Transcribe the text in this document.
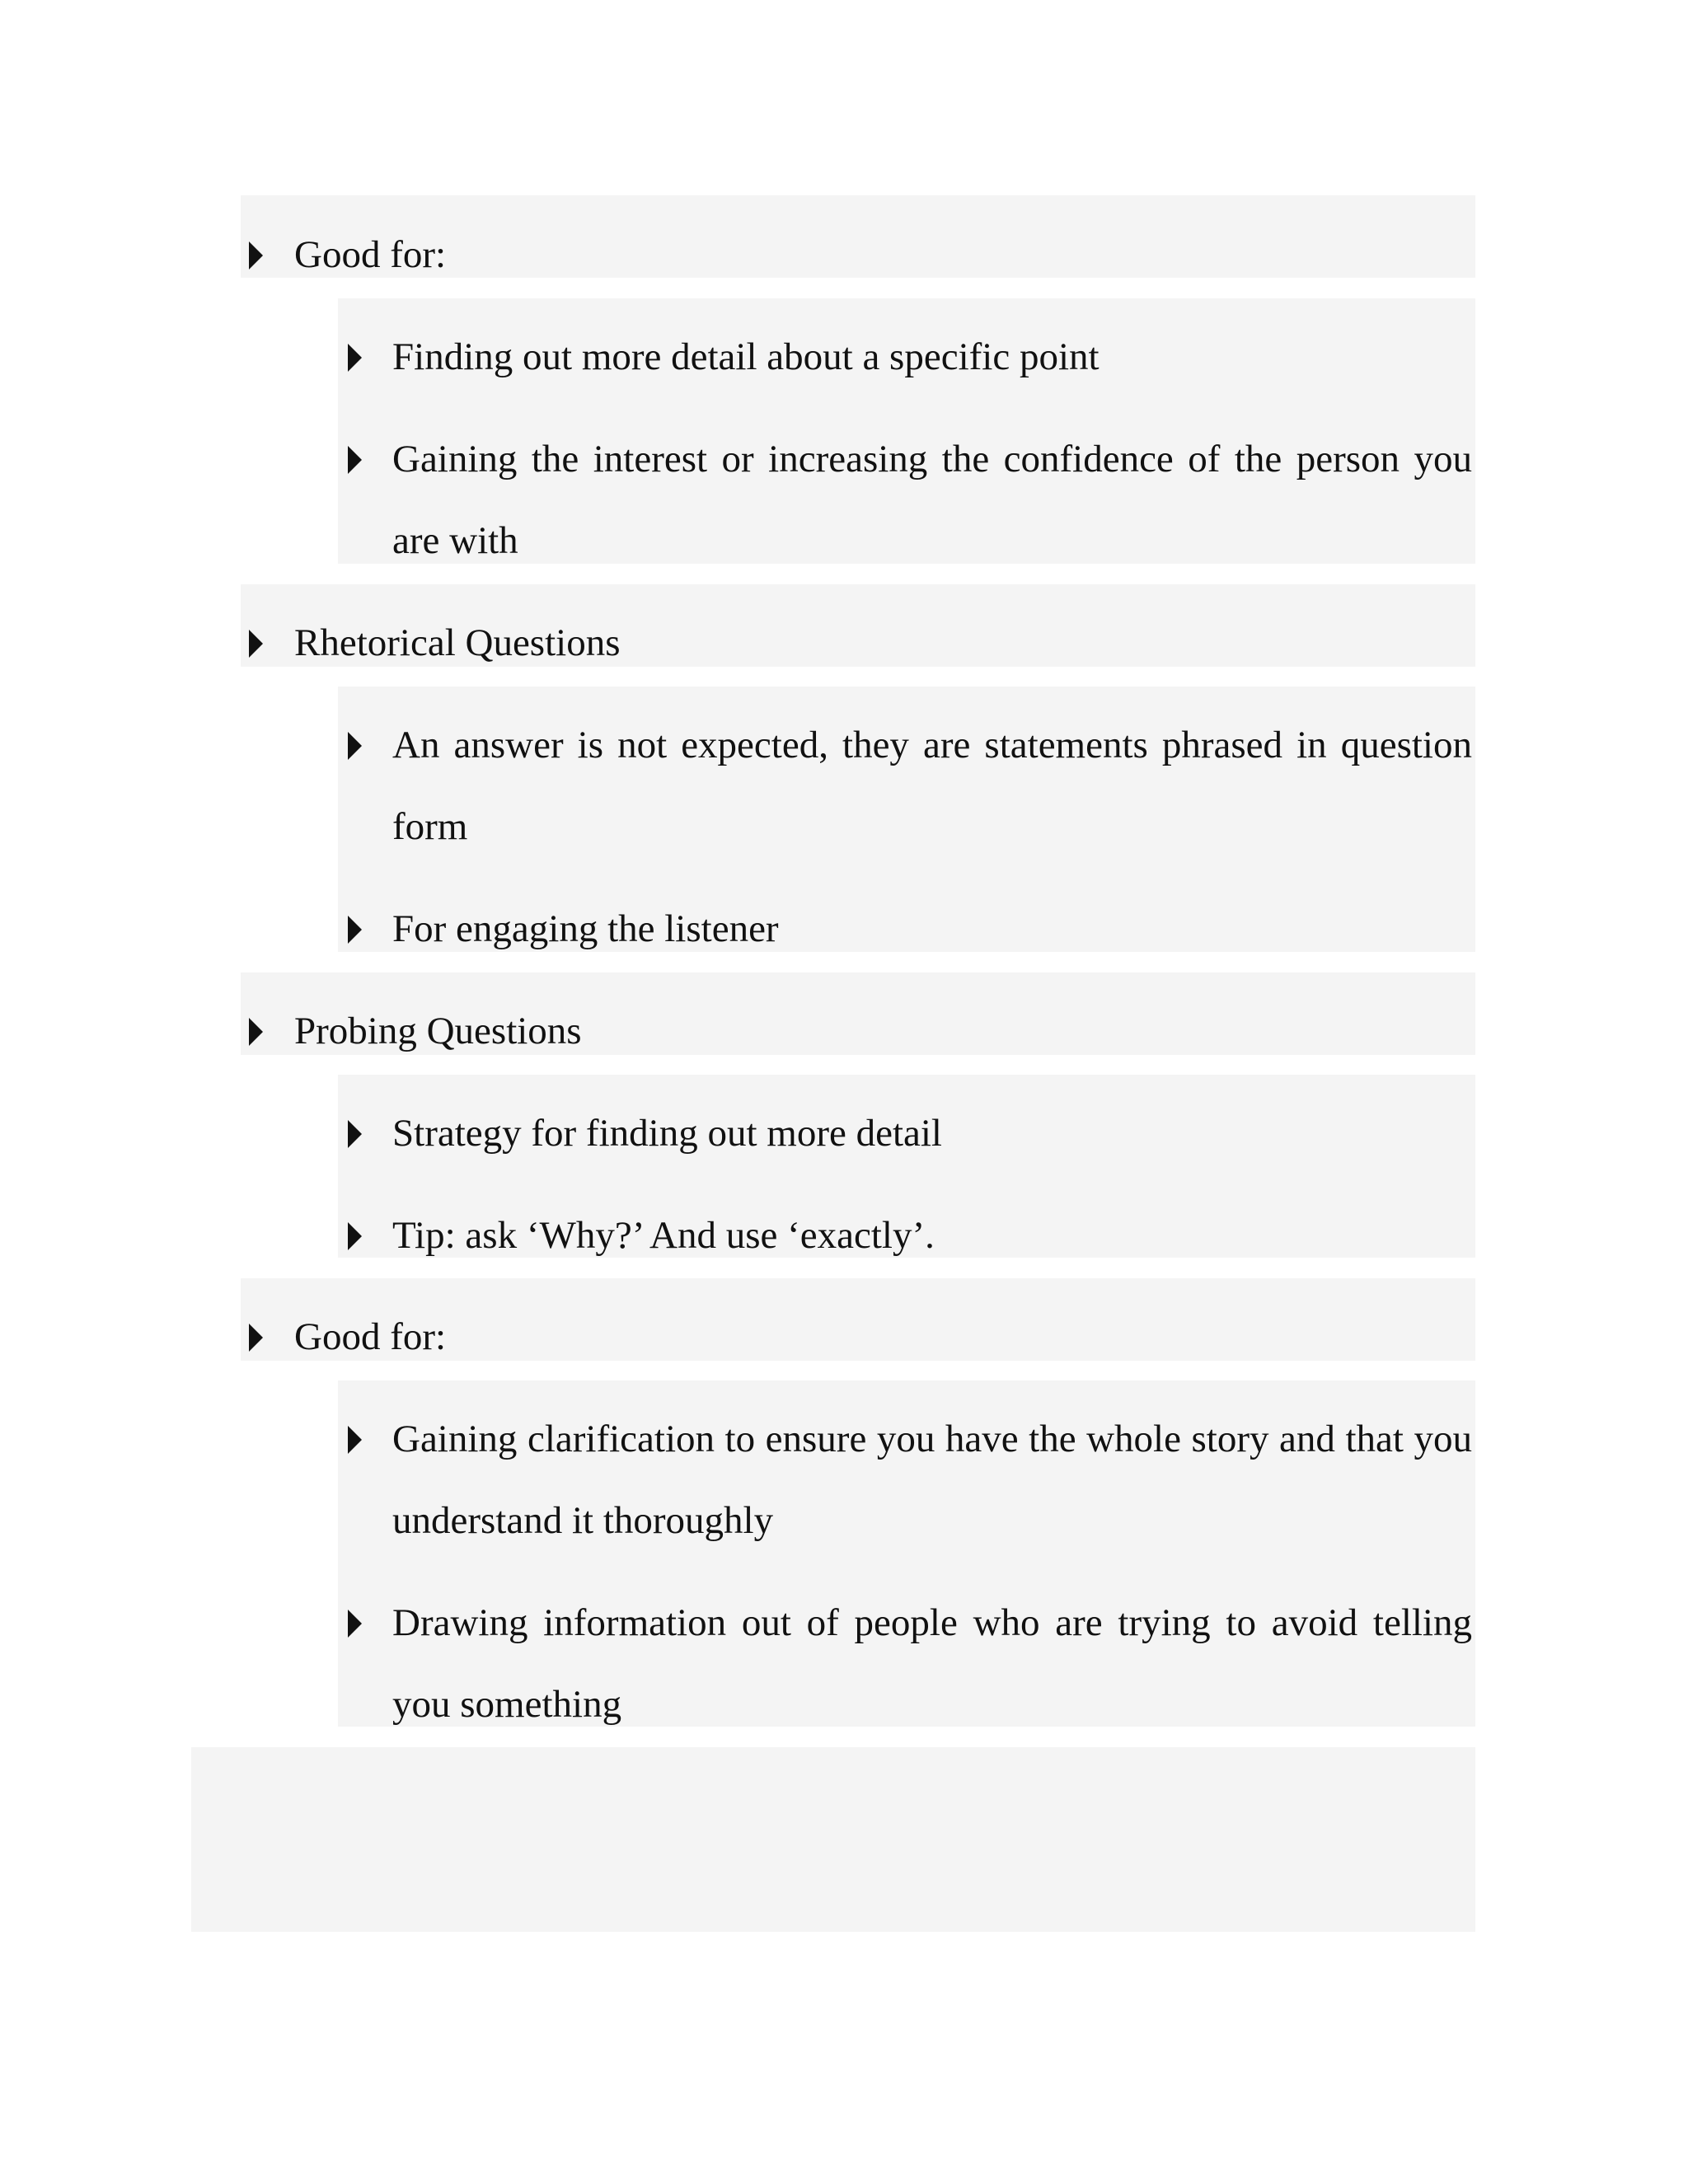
Good for:
Finding out more detail about a specific point
Gaining the interest or increasing the confidence of the person you are with
Rhetorical Questions
An answer is not expected, they are statements phrased in question form
For engaging the listener
Probing Questions
Strategy for finding out more detail
Tip: ask ‘Why?’ And use ‘exactly’.
Good for:
Gaining clarification to ensure you have the whole story and that you understand it thoroughly
Drawing information out of people who are trying to avoid telling you something
